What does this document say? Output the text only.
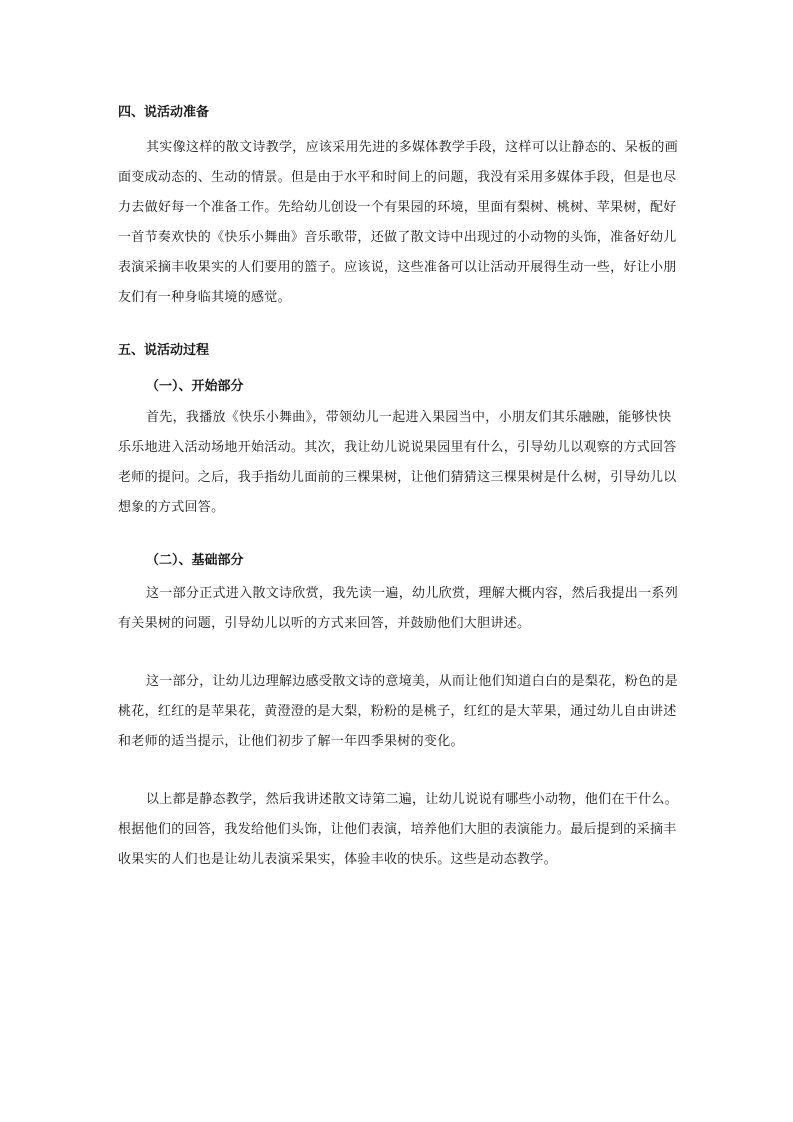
四、说活动准备
其实像这样的散文诗教学，应该采用先进的多媒体教学手段，这样可以让静态的、呆板的画
面变成动态的、生动的情景。但是由于水平和时间上的问题，我没有采用多媒体手段，但是也尽
力去做好每一个准备工作。先给幼儿创设一个有果园的环境，里面有梨树、桃树、苹果树，配好
一首节奏欢快的《快乐小舞曲》音乐歌带，还做了散文诗中出现过的小动物的头饰，准备好幼儿
表演采摘丰收果实的人们要用的篮子。应该说，这些准备可以让活动开展得生动一些，好让小朋
友们有一种身临其境的感觉。
五、说活动过程
（一）、开始部分
首先，我播放《快乐小舞曲》，带领幼儿一起进入果园当中，小朋友们其乐融融，能够快快
乐乐地进入活动场地开始活动。其次，我让幼儿说说果园里有什么，引导幼儿以观察的方式回答
老师的提问。之后，我手指幼儿面前的三棵果树，让他们猜猜这三棵果树是什么树，引导幼儿以
想象的方式回答。
（二）、基础部分
这一部分正式进入散文诗欣赏，我先读一遍，幼儿欣赏，理解大概内容，然后我提出一系列
有关果树的问题，引导幼儿以听的方式来回答，并鼓励他们大胆讲述。
这一部分，让幼儿边理解边感受散文诗的意境美，从而让他们知道白白的是梨花，粉色的是
桃花，红红的是苹果花，黄澄澄的是大梨，粉粉的是桃子，红红的是大苹果，通过幼儿自由讲述
和老师的适当提示，让他们初步了解一年四季果树的变化。
以上都是静态教学，然后我讲述散文诗第二遍，让幼儿说说有哪些小动物，他们在干什么。
根据他们的回答，我发给他们头饰，让他们表演，培养他们大胆的表演能力。最后提到的采摘丰
收果实的人们也是让幼儿表演采果实，体验丰收的快乐。这些是动态教学。
